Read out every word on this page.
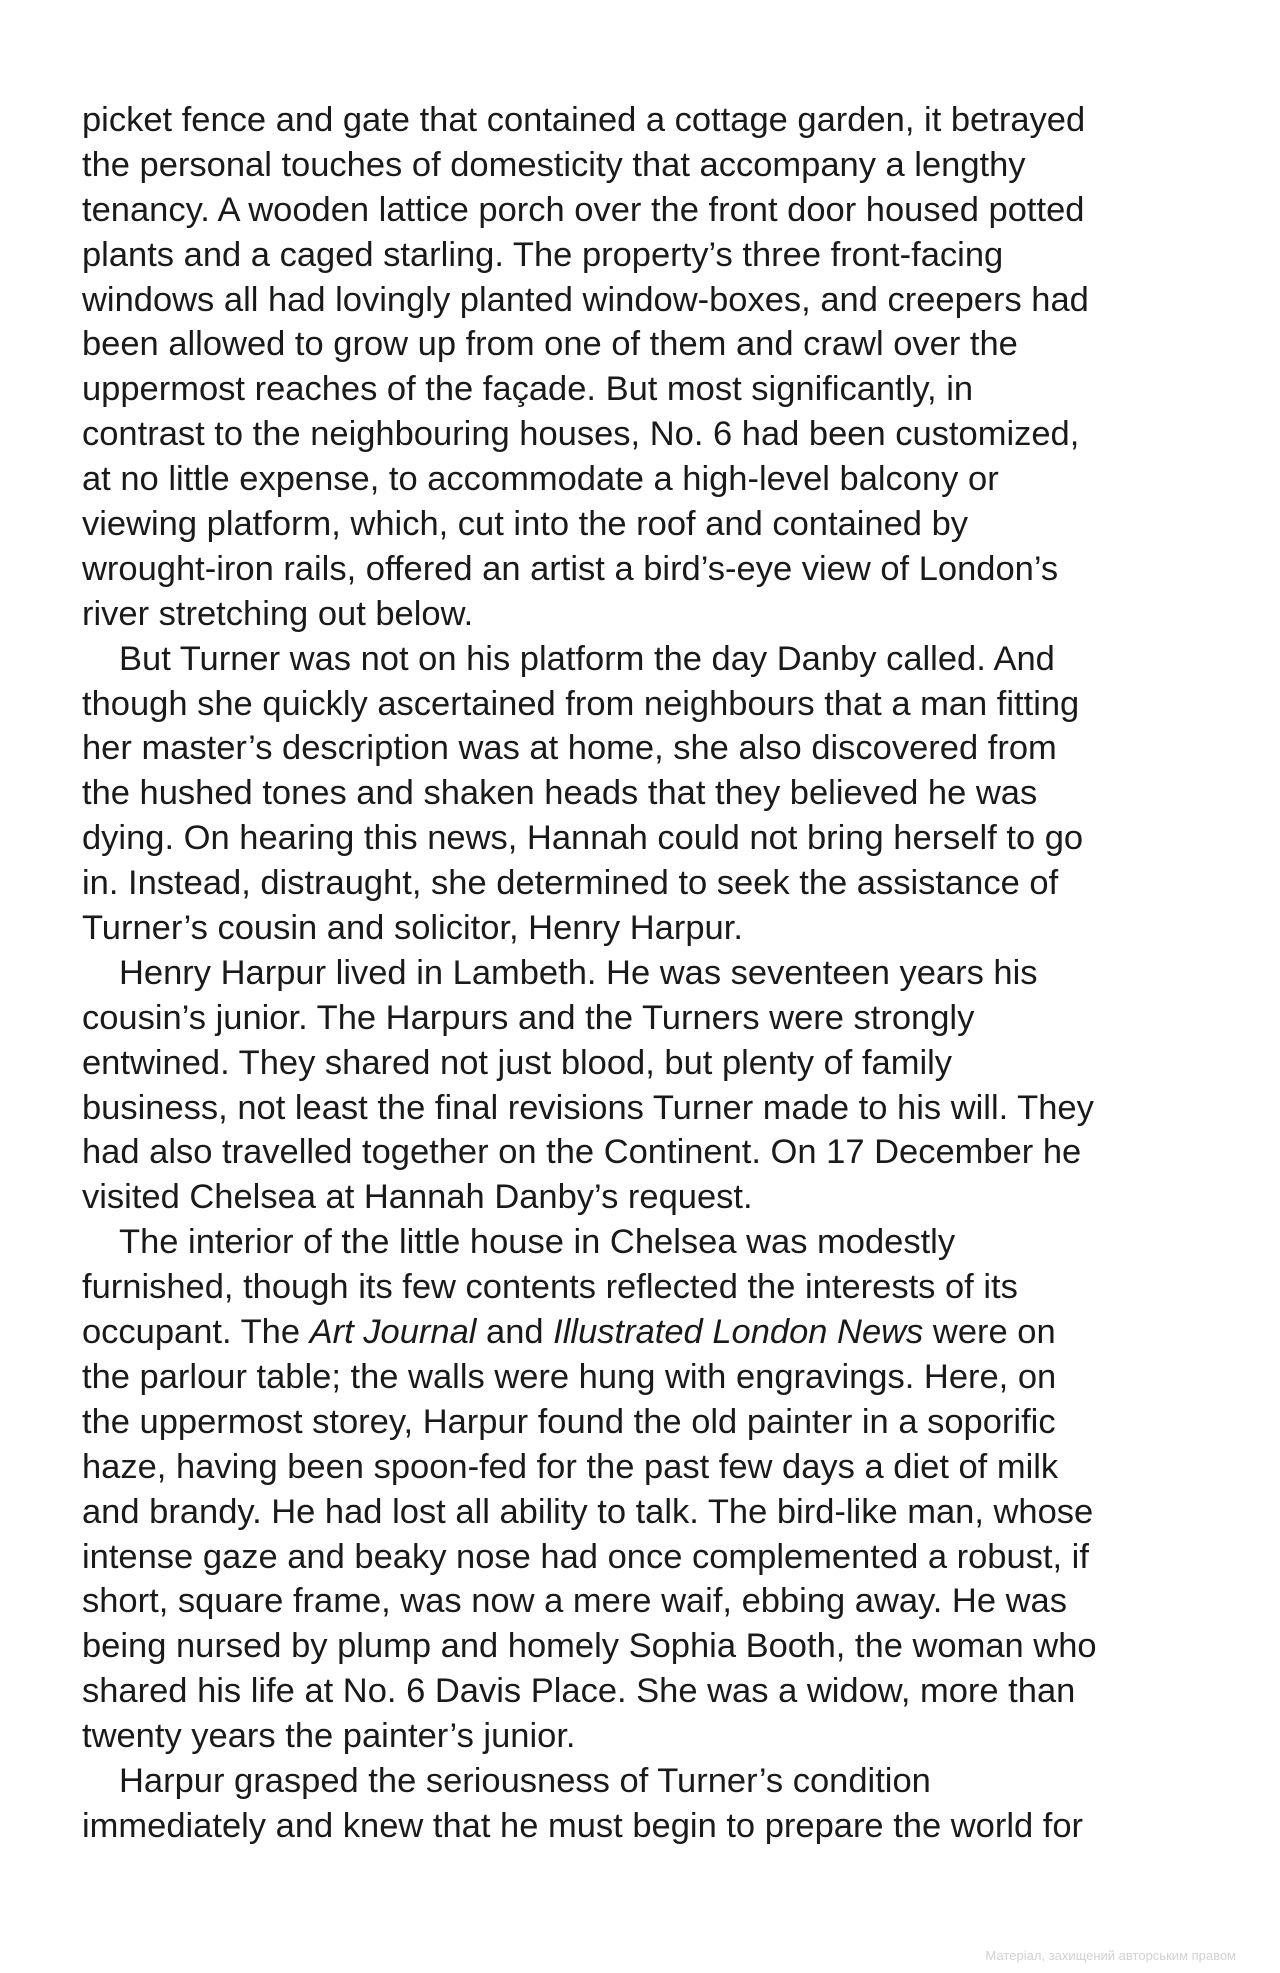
picket fence and gate that contained a cottage garden, it betrayed
the personal touches of domesticity that accompany a lengthy
tenancy. A wooden lattice porch over the front door housed potted
plants and a caged starling. The property’s three front-facing
windows all had lovingly planted window-boxes, and creepers had
been allowed to grow up from one of them and crawl over the
uppermost reaches of the façade. But most significantly, in
contrast to the neighbouring houses, No. 6 had been customized,
at no little expense, to accommodate a high-level balcony or
viewing platform, which, cut into the roof and contained by
wrought-iron rails, offered an artist a bird’s-eye view of London’s
river stretching out below.
But Turner was not on his platform the day Danby called. And
though she quickly ascertained from neighbours that a man fitting
her master’s description was at home, she also discovered from
the hushed tones and shaken heads that they believed he was
dying. On hearing this news, Hannah could not bring herself to go
in. Instead, distraught, she determined to seek the assistance of
Turner’s cousin and solicitor, Henry Harpur.
Henry Harpur lived in Lambeth. He was seventeen years his
cousin’s junior. The Harpurs and the Turners were strongly
entwined. They shared not just blood, but plenty of family
business, not least the final revisions Turner made to his will. They
had also travelled together on the Continent. On 17 December he
visited Chelsea at Hannah Danby’s request.
The interior of the little house in Chelsea was modestly
furnished, though its few contents reflected the interests of its
occupant. The Art Journal and Illustrated London News were on
the parlour table; the walls were hung with engravings. Here, on
the uppermost storey, Harpur found the old painter in a soporific
haze, having been spoon-fed for the past few days a diet of milk
and brandy. He had lost all ability to talk. The bird-like man, whose
intense gaze and beaky nose had once complemented a robust, if
short, square frame, was now a mere waif, ebbing away. He was
being nursed by plump and homely Sophia Booth, the woman who
shared his life at No. 6 Davis Place. She was a widow, more than
twenty years the painter’s junior.
Harpur grasped the seriousness of Turner’s condition
immediately and knew that he must begin to prepare the world for
Матеріал, захищений авторським правом
